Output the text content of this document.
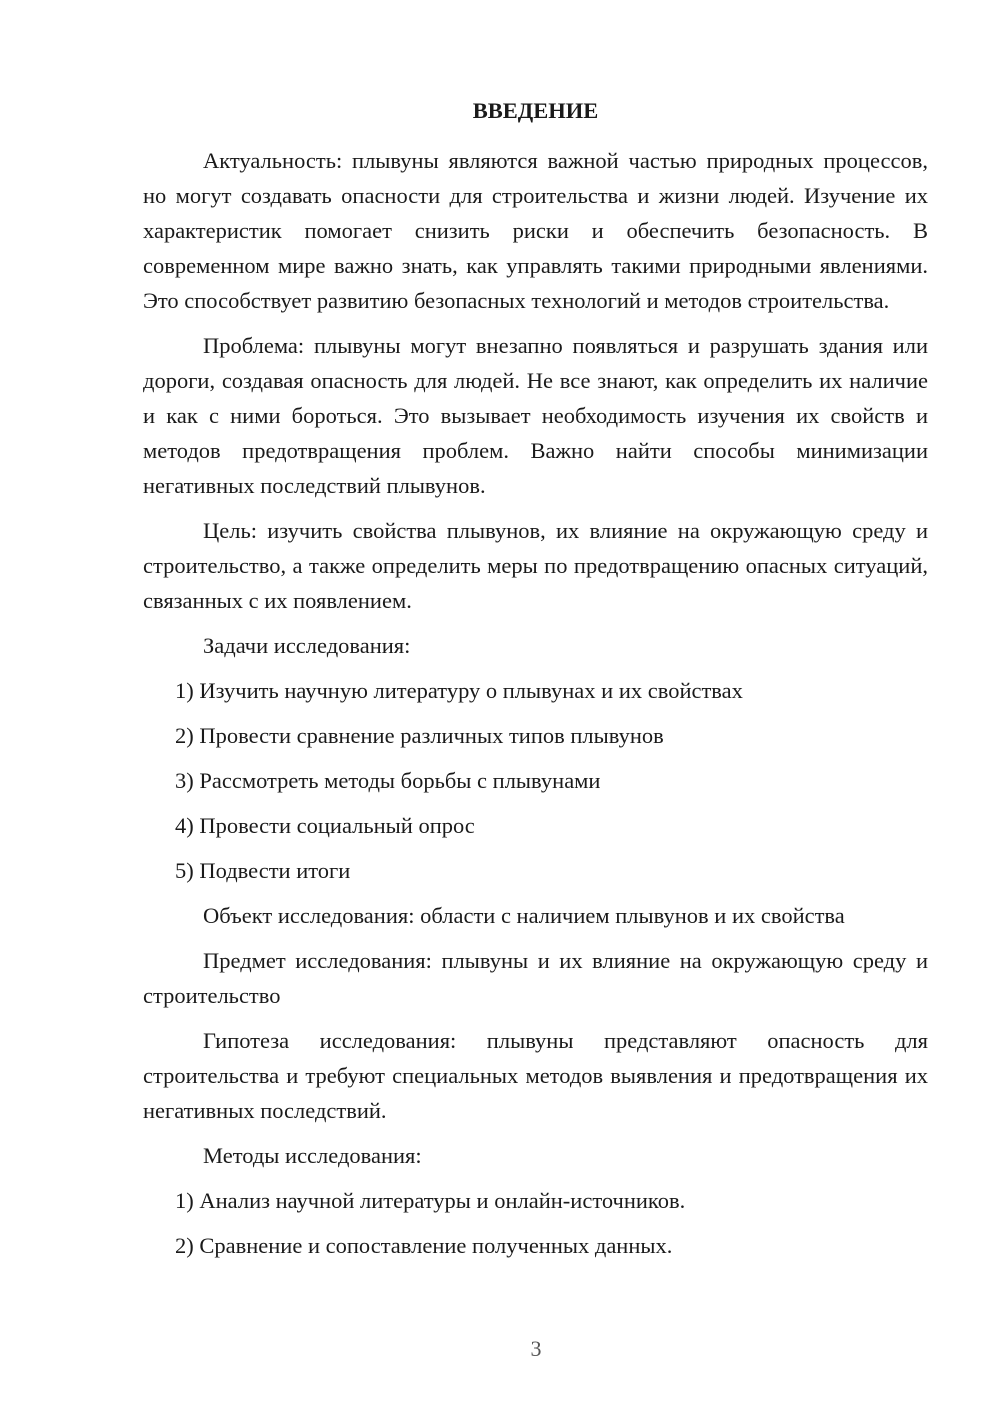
ВВЕДЕНИЕ

Актуальность: плывуны являются важной частью природных процессов, но могут создавать опасности для строительства и жизни людей. Изучение их характеристик помогает снизить риски и обеспечить безопасность. В современном мире важно знать, как управлять такими природными явлениями. Это способствует развитию безопасных технологий и методов строительства.

Проблема: плывуны могут внезапно появляться и разрушать здания или дороги, создавая опасность для людей. Не все знают, как определить их наличие и как с ними бороться. Это вызывает необходимость изучения их свойств и методов предотвращения проблем. Важно найти способы минимизации негативных последствий плывунов.

Цель: изучить свойства плывунов, их влияние на окружающую среду и строительство, а также определить меры по предотвращению опасных ситуаций, связанных с их появлением.

Задачи исследования:

1) Изучить научную литературу о плывунах и их свойствах
2) Провести сравнение различных типов плывунов
3) Рассмотреть методы борьбы с плывунами
4) Провести социальный опрос
5) Подвести итоги

Объект исследования: области с наличием плывунов и их свойства

Предмет исследования: плывуны и их влияние на окружающую среду и строительство

Гипотеза исследования: плывуны представляют опасность для строительства и требуют специальных методов выявления и предотвращения их негативных последствий.

Методы исследования:

1) Анализ научной литературы и онлайн-источников.
2) Сравнение и сопоставление полученных данных.
3
